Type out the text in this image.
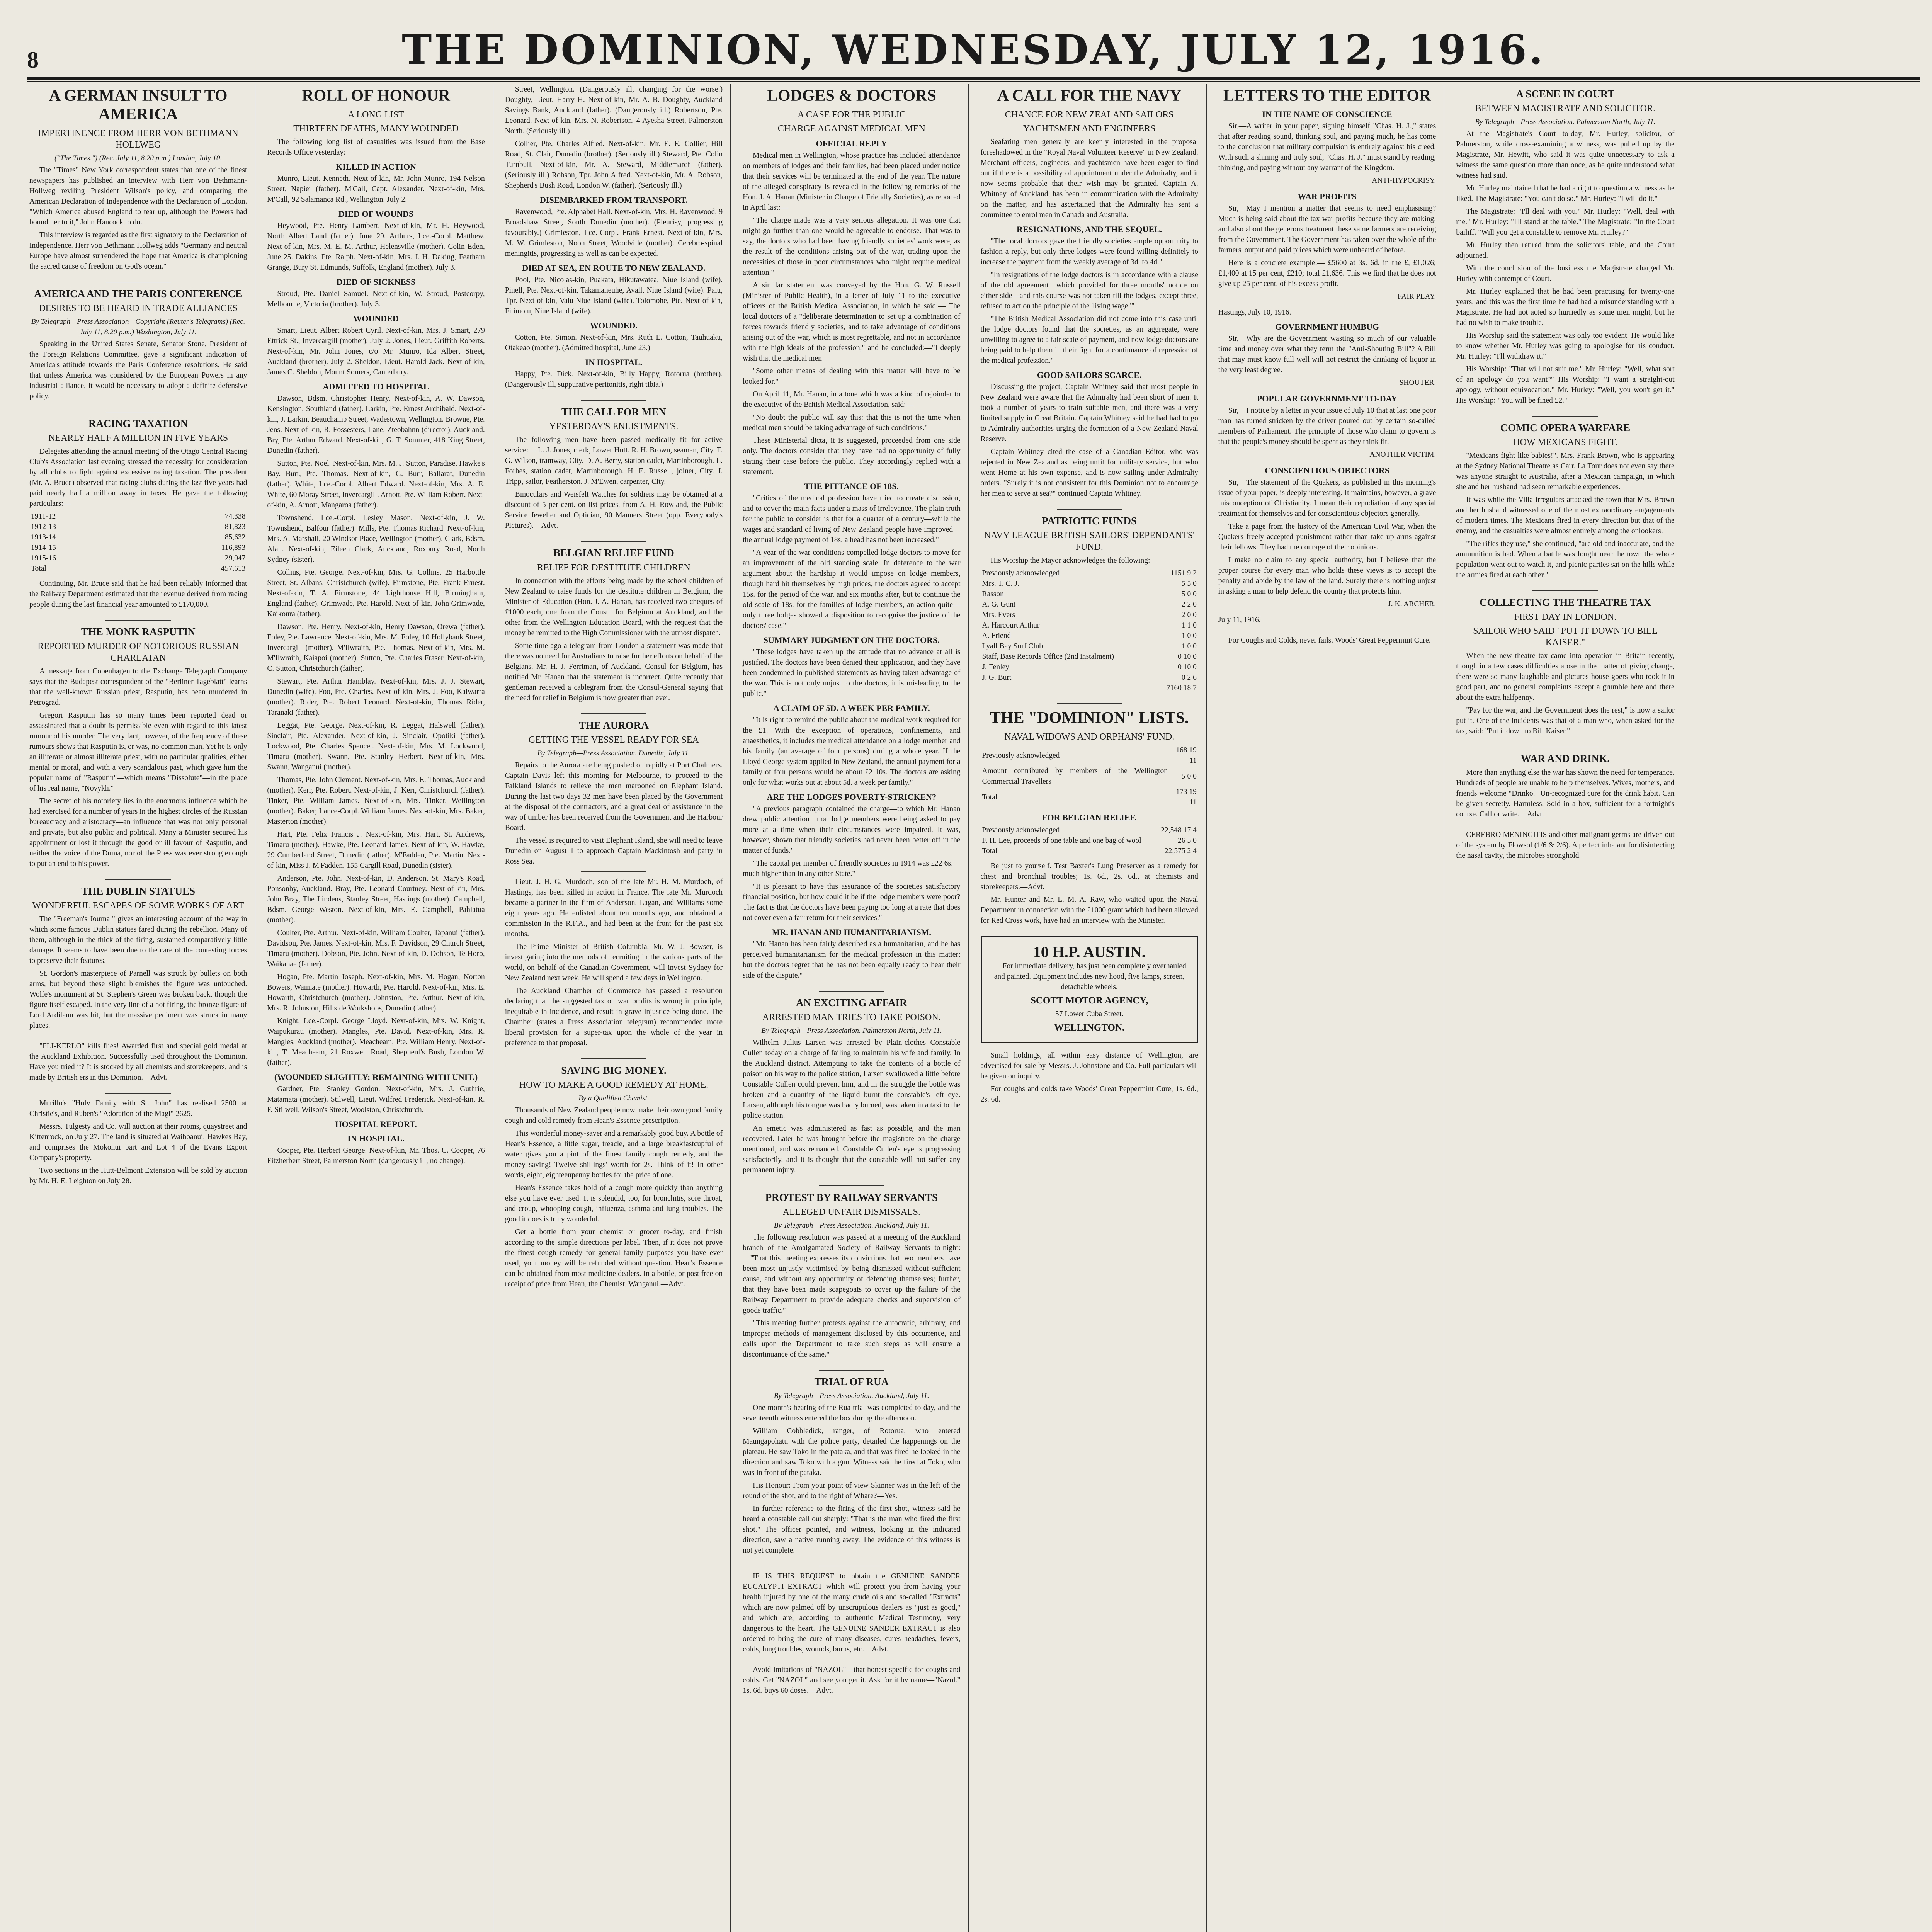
8	THE DOMINION, WEDNESDAY, JULY 12, 1916.
A GERMAN INSULT TO AMERICA
IMPERTINENCE FROM HERR VON BETHMANN HOLLWEG
("The Times.") (Rec. July 11, 8.20 p.m.) London, July 10.

The "Times" New York correspondent states that one of the finest newspapers has published an interview with Herr von Bethmann-Hollweg reviling President Wilson's policy, and comparing the American Declaration of Independence with the Declaration of London. "Which America abused England to tear up, although the Powers had bound her to it," John Hancock to do.

This interview is regarded as the first signatory to the Declaration of Independence. Herr von Bethmann Hollweg adds "Germany and neutral Europe have almost surrendered the hope that America is championing the sacred cause of freedom on God's ocean."

AMERICA AND THE PARIS CONFERENCE
DESIRES TO BE HEARD IN TRADE ALLIANCES
By Telegraph—Press Association—Copyright (Reuter's Telegrams) (Rec. July 11, 8.20 p.m.) Washington, July 11.

Speaking in the United States Senate, Senator Stone, President of the Foreign Relations Committee, gave a significant indication of America's attitude towards the Paris Conference resolutions. He said that unless America was considered by the European Powers in any industrial alliance, it would be necessary to adopt a definite defensive policy.

RACING TAXATION
NEARLY HALF A MILLION IN FIVE YEARS

Delegates attending the annual meeting of the Otago Central Racing Club's Association last evening stressed the necessity for consideration by all clubs to fight against excessive racing taxation. The president (Mr. A. Bruce) observed that racing clubs during the last five years had paid nearly half a million away in taxes. He gave the following particulars:—

1911-12	74,338
1912-13	81,823
1913-14	85,632
1914-15	116,893
1915-16	129,047
Total	457,613

Continuing, Mr. Bruce said that he had been reliably informed that the Railway Department estimated that the revenue derived from racing people during the last financial year amounted to £170,000.

THE MONK RASPUTIN
REPORTED MURDER OF NOTORIOUS RUSSIAN CHARLATAN

A message from Copenhagen to the Exchange Telegraph Company says that the Budapest correspondent of the "Berliner Tageblatt" learns that the well-known Russian priest, Rasputin, has been murdered in Petrograd.

Gregori Rasputin has so many times been reported dead or assassinated that a doubt is permissible even with regard to this latest rumour of his murder. The very fact, however, of the frequency of these rumours shows that Rasputin is, or was, no common man. Yet he is only an illiterate or almost illiterate priest, with no particular qualities, either mental or moral, and with a very scandalous past, which gave him the popular name of "Rasputin"—which means "Dissolute"—in the place of his real name, "Novykh."

The secret of his notoriety lies in the enormous influence which he had exercised for a number of years in the highest circles of the Russian bureaucracy and aristocracy—an influence that was not only personal and private, but also public and political. Many a Minister secured his appointment or lost it through the good or ill favour of Rasputin, and neither the voice of the Duma, nor of the Press was ever strong enough to put an end to his power.

THE DUBLIN STATUES
WONDERFUL ESCAPES OF SOME WORKS OF ART

The "Freeman's Journal" gives an interesting account of the way in which some famous Dublin statues fared during the rebellion. Many of them, although in the thick of the firing, sustained comparatively little damage. It seems to have been due to the care of the contesting forces to preserve their features.

St. Gordon's masterpiece of Parnell was struck by bullets on both arms, but beyond these slight blemishes the figure was untouched. Wolfe's monument at St. Stephen's Green was broken back, though the figure itself escaped. In the very line of a hot firing, the bronze figure of Lord Ardilaun was hit, but the massive pediment was struck in many places.

"FLI-KERLO" kills flies! Awarded first and special gold medal at the Auckland Exhibition. Successfully used throughout the Dominion. Have you tried it? It is stocked by all chemists and storekeepers, and is made by British ers in this Dominion.—Advt.

Murillo's "Holy Family with St. John" has realised 2500 at Christie's, and Ruben's "Adoration of the Magi" 2625.

Messrs. Tulgesty and Co. will auction at their rooms, quaystreet and Kittenrock, on July 27. The land is situated at Waihoanui, Hawkes Bay, and comprises the Mokonui part and Lot 4 of the Evans Export Company's property.

Two sections in the Hutt-Belmont Extension will be sold by auction by Mr. H. E. Leighton on July 28.

ROLL OF HONOUR
A LONG LIST
THIRTEEN DEATHS, MANY WOUNDED

The following long list of casualties was issued from the Base Records Office yesterday:—

KILLED IN ACTION

Munro, Lieut. Kenneth. Next-of-kin, Mr. John Munro, 194 Nelson Street, Napier (father). M'Call, Capt. Alexander. Next-of-kin, Mrs. M'Call, 92 Salamanca Rd., Wellington. July 2.

DIED OF WOUNDS

Heywood, Pte. Henry Lambert. Next-of-kin, Mr. H. Heywood, North Albert Land (father). June 29. Arthurs, Lce.-Corpl. Matthew. Next-of-kin, Mrs. M. E. M. Arthur, Helensville (mother). Colin Eden, June 25. Dakins, Pte. Ralph. Next-of-kin, Mrs. J. H. Daking, Featham Grange, Bury St. Edmunds, Suffolk, England (mother). July 3.

DIED OF SICKNESS

Stroud, Pte. Daniel Samuel. Next-of-kin, W. Stroud, Postcorpy, Melbourne, Victoria (brother). July 3.

WOUNDED

Smart, Lieut. Albert Robert Cyril. Next-of-kin, Mrs. J. Smart, 279 Ettrick St., Invercargill (mother). July 2. Jones, Lieut. Griffith Roberts. Next-of-kin, Mr. John Jones, c/o Mr. Munro, Ida Albert Street, Auckland (brother). July 2. Sheldon, Lieut. Harold Jack. Next-of-kin, James C. Sheldon, Mount Somers, Canterbury.

ADMITTED TO HOSPITAL

Dawson, Bdsm. Christopher Henry. Next-of-kin, A. W. Dawson, Kensington, Southland (father). Larkin, Pte. Ernest Archibald. Next-of-kin, J. Larkin, Beauchamp Street, Wadestown, Wellington. Browne, Pte. Jens. Next-of-kin, R. Fossesters, Lane, Zteobahnn (director), Auckland. Bry, Pte. Arthur Edward. Next-of-kin, G. T. Sommer, 418 King Street, Dunedin (father).

Sutton, Pte. Noel. Next-of-kin, Mrs. M. J. Sutton, Paradise, Hawke's Bay. Burr, Pte. Thomas. Next-of-kin, G. Burr, Ballarat, Dunedin (father). White, Lce.-Corpl. Albert Edward. Next-of-kin, Mrs. A. E. White, 60 Moray Street, Invercargill. Arnott, Pte. William Robert. Next-of-kin, A. Arnott, Mangaroa (father).

Townshend, Lce.-Corpl. Lesley Mason. Next-of-kin, J. W. Townshend, Balfour (father). Mills, Pte. Thomas Richard. Next-of-kin, Mrs. A. Marshall, 20 Windsor Place, Wellington (mother). Clark, Bdsm. Alan. Next-of-kin, Eileen Clark, Auckland, Roxbury Road, North Sydney (sister).

Collins, Pte. George. Next-of-kin, Mrs. G. Collins, 25 Harbottle Street, St. Albans, Christchurch (wife). Firmstone, Pte. Frank Ernest. Next-of-kin, T. A. Firmstone, 44 Lighthouse Hill, Birmingham, England (father). Grimwade, Pte. Harold. Next-of-kin, John Grimwade, Kaikoura (father).

Dawson, Pte. Henry. Next-of-kin, Henry Dawson, Orewa (father). Foley, Pte. Lawrence. Next-of-kin, Mrs. M. Foley, 10 Hollybank Street, Invercargill (mother). M'Ilwraith, Pte. Thomas. Next-of-kin, Mrs. M. M'Ilwraith, Kaiapoi (mother). Sutton, Pte. Charles Fraser. Next-of-kin, C. Sutton, Christchurch (father).

Stewart, Pte. Arthur Hamblay. Next-of-kin, Mrs. J. J. Stewart, Dunedin (wife). Foo, Pte. Charles. Next-of-kin, Mrs. J. Foo, Kaiwarra (mother). Rider, Pte. Robert Leonard. Next-of-kin, Thomas Rider, Taranaki (father).

Leggat, Pte. George. Next-of-kin, R. Leggat, Halswell (father). Sinclair, Pte. Alexander. Next-of-kin, J. Sinclair, Opotiki (father). Lockwood, Pte. Charles Spencer. Next-of-kin, Mrs. M. Lockwood, Timaru (mother). Swann, Pte. Stanley Herbert. Next-of-kin, Mrs. Swann, Wanganui (mother).

Thomas, Pte. John Clement. Next-of-kin, Mrs. E. Thomas, Auckland (mother). Kerr, Pte. Robert. Next-of-kin, J. Kerr, Christchurch (father). Tinker, Pte. William James. Next-of-kin, Mrs. Tinker, Wellington (mother). Baker, Lance-Corpl. William James. Next-of-kin, Mrs. Baker, Masterton (mother).

Hart, Pte. Felix Francis J. Next-of-kin, Mrs. Hart, St. Andrews, Timaru (mother). Hawke, Pte. Leonard James. Next-of-kin, W. Hawke, 29 Cumberland Street, Dunedin (father). M'Fadden, Pte. Martin. Next-of-kin, Miss J. M'Fadden, 155 Cargill Road, Dunedin (sister).

Anderson, Pte. John. Next-of-kin, D. Anderson, St. Mary's Road, Ponsonby, Auckland. Bray, Pte. Leonard Courtney. Next-of-kin, Mrs. John Bray, The Lindens, Stanley Street, Hastings (mother). Campbell, Bdsm. George Weston. Next-of-kin, Mrs. E. Campbell, Pahiatua (mother).

Coulter, Pte. Arthur. Next-of-kin, William Coulter, Tapanui (father). Davidson, Pte. James. Next-of-kin, Mrs. F. Davidson, 29 Church Street, Timaru (mother). Dobson, Pte. John. Next-of-kin, D. Dobson, Te Horo, Waikanae (father).

Hogan, Pte. Martin Joseph. Next-of-kin, Mrs. M. Hogan, Norton Bowers, Waimate (mother). Howarth, Pte. Harold. Next-of-kin, Mrs. E. Howarth, Christchurch (mother). Johnston, Pte. Arthur. Next-of-kin, Mrs. R. Johnston, Hillside Workshops, Dunedin (father).

Knight, Lce.-Corpl. George Lloyd. Next-of-kin, Mrs. W. Knight, Waipukurau (mother). Mangles, Pte. David. Next-of-kin, Mrs. R. Mangles, Auckland (mother). Meacheam, Pte. William Henry. Next-of-kin, T. Meacheam, 21 Roxwell Road, Shepherd's Bush, London W. (father).

(WOUNDED SLIGHTLY: REMAINING WITH UNIT.)

Gardner, Pte. Stanley Gordon. Next-of-kin, Mrs. J. Guthrie, Matamata (mother). Stilwell, Lieut. Wilfred Frederick. Next-of-kin, R. F. Stilwell, Wilson's Street, Woolston, Christchurch.

HOSPITAL REPORT.
IN HOSPITAL.

Cooper, Pte. Herbert George. Next-of-kin, Mr. Thos. C. Cooper, 76 Fitzherbert Street, Palmerston North (dangerously ill, no change).

Street, Wellington. (Dangerously ill, changing for the worse.) Doughty, Lieut. Harry H. Next-of-kin, Mr. A. B. Doughty, Auckland Savings Bank, Auckland (father). (Dangerously ill.) Robertson, Pte. Leonard. Next-of-kin, Mrs. N. Robertson, 4 Ayesha Street, Palmerston North. (Seriously ill.)

Collier, Pte. Charles Alfred. Next-of-kin, Mr. E. E. Collier, Hill Road, St. Clair, Dunedin (brother). (Seriously ill.) Steward, Pte. Colin Turnbull. Next-of-kin, Mr. A. Steward, Middlemarch (father). (Seriously ill.) Robson, Tpr. John Alfred. Next-of-kin, Mr. A. Robson, Shepherd's Bush Road, London W. (father). (Seriously ill.)

DISEMBARKED FROM TRANSPORT.

Ravenwood, Pte. Alphabet Hall. Next-of-kin, Mrs. H. Ravenwood, 9 Broadshaw Street, South Dunedin (mother). (Pleurisy, progressing favourably.) Grimleston, Lce.-Corpl. Frank Ernest. Next-of-kin, Mrs. M. W. Grimleston, Noon Street, Woodville (mother). Cerebro-spinal meningitis, progressing as well as can be expected.

DIED AT SEA, EN ROUTE TO NEW ZEALAND.

Pool, Pte. Nicolas-kin, Puakata, Hikutawatea, Niue Island (wife). Pinell, Pte. Next-of-kin, Takamaheuhe, Avall, Niue Island (wife). Palu, Tpr. Next-of-kin, Valu Niue Island (wife). Tolomohe, Pte. Next-of-kin, Fitimotu, Niue Island (wife).

WOUNDED.

Cotton, Pte. Simon. Next-of-kin, Mrs. Ruth E. Cotton, Tauhuaku, Otakeao (mother). (Admitted hospital, June 23.)

IN HOSPITAL.

Happy, Pte. Dick. Next-of-kin, Billy Happy, Rotorua (brother). (Dangerously ill, suppurative peritonitis, right tibia.)

THE CALL FOR MEN
YESTERDAY'S ENLISTMENTS.

The following men have been passed medically fit for active service:— L. J. Jones, clerk, Lower Hutt. R. H. Brown, seaman, City. T. G. Wilson, tramway, City. D. A. Berry, station cadet, Martinborough. L. Forbes, station cadet, Martinborough. H. E. Russell, joiner, City. J. Tripp, sailor, Featherston. J. M'Ewen, carpenter, City.

Binoculars and Weisfelt Watches for soldiers may be obtained at a discount of 5 per cent. on list prices, from A. H. Rowland, the Public Service Jeweller and Optician, 90 Manners Street (opp. Everybody's Pictures).—Advt.

BELGIAN RELIEF FUND
RELIEF FOR DESTITUTE CHILDREN

In connection with the efforts being made by the school children of New Zealand to raise funds for the destitute children in Belgium, the Minister of Education (Hon. J. A. Hanan, has received two cheques of £1000 each, one from the Consul for Belgium at Auckland, and the other from the Wellington Education Board, with the request that the money be remitted to the High Commissioner with the utmost dispatch.

Some time ago a telegram from London a statement was made that there was no need for Australians to raise further efforts on behalf of the Belgians. Mr. H. J. Ferriman, of Auckland, Consul for Belgium, has notified Mr. Hanan that the statement is incorrect. Quite recently that gentleman received a cablegram from the Consul-General saying that the need for relief in Belgium is now greater than ever.

THE AURORA
GETTING THE VESSEL READY FOR SEA
By Telegraph—Press Association. Dunedin, July 11.

Repairs to the Aurora are being pushed on rapidly at Port Chalmers. Captain Davis left this morning for Melbourne, to proceed to the Falkland Islands to relieve the men marooned on Elephant Island. During the last two days 32 men have been placed by the Government at the disposal of the contractors, and a great deal of assistance in the way of timber has been received from the Government and the Harbour Board.

The vessel is required to visit Elephant Island, she will need to leave Dunedin on August 1 to approach Captain Mackintosh and party in Ross Sea.

Lieut. J. H. G. Murdoch, son of the late Mr. H. M. Murdoch, of Hastings, has been killed in action in France. The late Mr. Murdoch became a partner in the firm of Anderson, Lagan, and Williams some eight years ago. He enlisted about ten months ago, and obtained a commission in the R.F.A., and had been at the front for the past six months.

The Prime Minister of British Columbia, Mr. W. J. Bowser, is investigating into the methods of recruiting in the various parts of the world, on behalf of the Canadian Government, will invest Sydney for New Zealand next week. He will spend a few days in Wellington.

The Auckland Chamber of Commerce has passed a resolution declaring that the suggested tax on war profits is wrong in principle, inequitable in incidence, and result in grave injustice being done. The Chamber (states a Press Association telegram) recommended more liberal provision for a super-tax upon the whole of the year in preference to that proposal.

SAVING BIG MONEY.
HOW TO MAKE A GOOD REMEDY AT HOME.
By a Qualified Chemist.

Thousands of New Zealand people now make their own good family cough and cold remedy from Hean's Essence prescription.

This wonderful money-saver and a remarkably good buy. A bottle of Hean's Essence, a little sugar, treacle, and a large breakfastcupful of water gives you a pint of the finest family cough remedy, and the money saving! Twelve shillings' worth for 2s. Think of it! In other words, eight, eighteenpenny bottles for the price of one.

Hean's Essence takes hold of a cough more quickly than anything else you have ever used. It is splendid, too, for bronchitis, sore throat, and croup, whooping cough, influenza, asthma and lung troubles. The good it does is truly wonderful.

Get a bottle from your chemist or grocer to-day, and finish according to the simple directions per label. Then, if it does not prove the finest cough remedy for general family purposes you have ever used, your money will be refunded without question. Hean's Essence can be obtained from most medicine dealers. In a bottle, or post free on receipt of price from Hean, the Chemist, Wanganui.—Advt.

LODGES & DOCTORS
A CASE FOR THE PUBLIC
CHARGE AGAINST MEDICAL MEN
OFFICIAL REPLY

Medical men in Wellington, whose practice has included attendance on members of lodges and their families, had been placed under notice that their services will be terminated at the end of the year. The nature of the alleged conspiracy is revealed in the following remarks of the Hon. J. A. Hanan (Minister in Charge of Friendly Societies), as reported in April last:—

"The charge made was a very serious allegation. It was one that might go further than one would be agreeable to endorse. That was to say, the doctors who had been having friendly societies' work were, as the result of the conditions arising out of the war, trading upon the necessities of those in poor circumstances who might require medical attention."

A similar statement was conveyed by the Hon. G. W. Russell (Minister of Public Health), in a letter of July 11 to the executive officers of the British Medical Association, in which he said:— The local doctors of a "deliberate determination to set up a combination of forces towards friendly societies, and to take advantage of conditions arising out of the war, which is most regrettable, and not in accordance with the high ideals of the profession," and he concluded:—"I deeply wish that the medical men—

"Some other means of dealing with this matter will have to be looked for."

On April 11, Mr. Hanan, in a tone which was a kind of rejoinder to the executive of the British Medical Association, said:—

"No doubt the public will say this: that this is not the time when medical men should be taking advantage of such conditions."

These Ministerial dicta, it is suggested, proceeded from one side only. The doctors consider that they have had no opportunity of fully stating their case before the public. They accordingly replied with a statement.

THE PITTANCE OF 18S.

"Critics of the medical profession have tried to create discussion, and to cover the main facts under a mass of irrelevance. The plain truth for the public to consider is that for a quarter of a century—while the wages and standard of living of New Zealand people have improved—the annual lodge payment of 18s. a head has not been increased."

"A year of the war conditions compelled lodge doctors to move for an improvement of the old standing scale. In deference to the war argument about the hardship it would impose on lodge members, though hard hit themselves by high prices, the doctors agreed to accept 15s. for the period of the war, and six months after, but to continue the old scale of 18s. for the families of lodge members, an action quite—only three lodges showed a disposition to recognise the justice of the doctors' case."

SUMMARY JUDGMENT ON THE DOCTORS.

"These lodges have taken up the attitude that no advance at all is justified. The doctors have been denied their application, and they have been condemned in published statements as having taken advantage of the war. This is not only unjust to the doctors, it is misleading to the public."

A CLAIM OF 5D. A WEEK PER FAMILY.

"It is right to remind the public about the medical work required for the £1. With the exception of operations, confinements, and anaesthetics, it includes the medical attendance on a lodge member and his family (an average of four persons) during a whole year. If the Lloyd George system applied in New Zealand, the annual payment for a family of four persons would be about £2 10s. The doctors are asking only for what works out at about 5d. a week per family."

ARE THE LODGES POVERTY-STRICKEN?

"A previous paragraph contained the charge—to which Mr. Hanan drew public attention—that lodge members were being asked to pay more at a time when their circumstances were impaired. It was, however, shown that friendly societies had never been better off in the matter of funds."

"The capital per member of friendly societies in 1914 was £22 6s.—much higher than in any other State."

"It is pleasant to have this assurance of the societies satisfactory financial position, but how could it be if the lodge members were poor? The fact is that the doctors have been paying too long at a rate that does not cover even a fair return for their services."

MR. HANAN AND HUMANITARIANISM.

"Mr. Hanan has been fairly described as a humanitarian, and he has perceived humanitarianism for the medical profession in this matter; but the doctors regret that he has not been equally ready to hear their side of the dispute."

AN EXCITING AFFAIR
ARRESTED MAN TRIES TO TAKE POISON.
By Telegraph—Press Association. Palmerston North, July 11.

Wilhelm Julius Larsen was arrested by Plain-clothes Constable Cullen today on a charge of failing to maintain his wife and family. In the Auckland district. Attempting to take the contents of a bottle of poison on his way to the police station, Larsen swallowed a little before Constable Cullen could prevent him, and in the struggle the bottle was broken and a quantity of the liquid burnt the constable's left eye. Larsen, although his tongue was badly burned, was taken in a taxi to the police station.

An emetic was administered as fast as possible, and the man recovered. Later he was brought before the magistrate on the charge mentioned, and was remanded. Constable Cullen's eye is progressing satisfactorily, and it is thought that the constable will not suffer any permanent injury.

PROTEST BY RAILWAY SERVANTS
ALLEGED UNFAIR DISMISSALS.
By Telegraph—Press Association. Auckland, July 11.

The following resolution was passed at a meeting of the Auckland branch of the Amalgamated Society of Railway Servants to-night:—"That this meeting expresses its convictions that two members have been most unjustly victimised by being dismissed without sufficient cause, and without any opportunity of defending themselves; further, that they have been made scapegoats to cover up the failure of the Railway Department to provide adequate checks and supervision of goods traffic."

"This meeting further protests against the autocratic, arbitrary, and improper methods of management disclosed by this occurrence, and calls upon the Department to take such steps as will ensure a discontinuance of the same."

TRIAL OF RUA
By Telegraph—Press Association. Auckland, July 11.

One month's hearing of the Rua trial was completed to-day, and the seventeenth witness entered the box during the afternoon.

William Cobbledick, ranger, of Rotorua, who entered Maungapohatu with the police party, detailed the happenings on the plateau. He saw Toko in the pataka, and that was fired he looked in the direction and saw Toko with a gun. Witness said he fired at Toko, who was in front of the pataka.

His Honour: From your point of view Skinner was in the left of the round of the shot, and to the right of Whare?—Yes.

In further reference to the firing of the first shot, witness said he heard a constable call out sharply: "That is the man who fired the first shot." The officer pointed, and witness, looking in the indicated direction, saw a native running away. The evidence of this witness is not yet complete.

IF IS THIS REQUEST to obtain the GENUINE SANDER EUCALYPTI EXTRACT which will protect you from having your health injured by one of the many crude oils and so-called "Extracts" which are now palmed off by unscrupulous dealers as "just as good," and which are, according to authentic Medical Testimony, very dangerous to the heart. The GENUINE SANDER EXTRACT is also ordered to bring the cure of many diseases, cures headaches, fevers, colds, lung troubles, wounds, burns, etc.—Advt.

Avoid imitations of "NAZOL"—that honest specific for coughs and colds. Get "NAZOL" and see you get it. Ask for it by name—"Nazol." 1s. 6d. buys 60 doses.—Advt.

A CALL FOR THE NAVY
CHANCE FOR NEW ZEALAND SAILORS
YACHTSMEN AND ENGINEERS

Seafaring men generally are keenly interested in the proposal foreshadowed in the "Royal Naval Volunteer Reserve" in New Zealand. Merchant officers, engineers, and yachtsmen have been eager to find out if there is a possibility of appointment under the Admiralty, and it now seems probable that their wish may be granted. Captain A. Whitney, of Auckland, has been in communication with the Admiralty on the matter, and has ascertained that the Admiralty has sent a committee to enrol men in Canada and Australia.

RESIGNATIONS, AND THE SEQUEL.

"The local doctors gave the friendly societies ample opportunity to fashion a reply, but only three lodges were found willing definitely to increase the payment from the weekly average of 3d. to 4d."

"In resignations of the lodge doctors is in accordance with a clause of the old agreement—which provided for three months' notice on either side—and this course was not taken till the lodges, except three, refused to act on the principle of the 'living wage.'"

"The British Medical Association did not come into this case until the lodge doctors found that the societies, as an aggregate, were unwilling to agree to a fair scale of payment, and now lodge doctors are being paid to help them in their fight for a continuance of repression of the medical profession."

GOOD SAILORS SCARCE.

Discussing the project, Captain Whitney said that most people in New Zealand were aware that the Admiralty had been short of men. It took a number of years to train suitable men, and there was a very limited supply in Great Britain. Captain Whitney said he had had to go to Admiralty authorities urging the formation of a New Zealand Naval Reserve.

Captain Whitney cited the case of a Canadian Editor, who was rejected in New Zealand as being unfit for military service, but who went Home at his own expense, and is now sailing under Admiralty orders. "Surely it is not consistent for this Dominion not to encourage her men to serve at sea?" continued Captain Whitney.

PATRIOTIC FUNDS
NAVY LEAGUE BRITISH SAILORS' DEPENDANTS' FUND.

His Worship the Mayor acknowledges the following:—

Previously acknowledged	1151 9 2
Mrs. T. C. J.	5 5 0
Rasson	5 0 0
A. G. Gunt	2 2 0
Mrs. Evers	2 0 0
A. Harcourt Arthur	1 1 0
A. Friend	1 0 0
Lyall Bay Surf Club	1 0 0
Staff, Base Records Office (2nd instalment)	0 10 0
J. Fenley	0 10 0
J. G. Burt	0 2 6
	7160 18 7
THE "DOMINION" LISTS.
NAVAL WIDOWS AND ORPHANS' FUND.
Previously acknowledged	168 19 11
Amount contributed by members of the Wellington Commercial Travellers	5 0 0
Total	173 19 11
FOR BELGIAN RELIEF.
Previously acknowledged	22,548 17 4
F. H. Lee, proceeds of one table and one bag of wool	26 5 0
Total	22,575 2 4

Be just to yourself. Test Baxter's Lung Preserver as a remedy for chest and bronchial troubles; 1s. 6d., 2s. 6d., at chemists and storekeepers.—Advt.

Mr. Hunter and Mr. L. M. A. Raw, who waited upon the Naval Department in connection with the £1000 grant which had been allowed for Red Cross work, have had an interview with the Minister.

10 H.P. AUSTIN.

For immediate delivery, has just been completely overhauled and painted. Equipment includes new hood, five lamps, screen, detachable wheels.

SCOTT MOTOR AGENCY,
57 Lower Cuba Street.
WELLINGTON.

Small holdings, all within easy distance of Wellington, are advertised for sale by Messrs. J. Johnstone and Co. Full particulars will be given on inquiry.

For coughs and colds take Woods' Great Peppermint Cure, 1s. 6d., 2s. 6d.

LETTERS TO THE EDITOR
IN THE NAME OF CONSCIENCE

Sir,—A writer in your paper, signing himself "Chas. H. J.," states that after reading sound, thinking soul, and paying much, he has come to the conclusion that military compulsion is entirely against his creed. With such a shining and truly soul, "Chas. H. J." must stand by reading, thinking, and paying without any warrant of the Kingdom.

ANTI-HYPOCRISY.
WAR PROFITS

Sir,—May I mention a matter that seems to need emphasising? Much is being said about the tax war profits because they are making, and also about the generous treatment these same farmers are receiving from the Government. The Government has taken over the whole of the farmers' output and paid prices which were unheard of before.

Here is a concrete example:— £5600 at 3s. 6d. in the £, £1,026; £1,400 at 15 per cent, £210; total £1,636. This we find that he does not give up 25 per cent. of his excess profit.

FAIR PLAY.
Hastings, July 10, 1916.
GOVERNMENT HUMBUG

Sir,—Why are the Government wasting so much of our valuable time and money over what they term the "Anti-Shouting Bill"? A Bill that may must know full well will not restrict the drinking of liquor in the very least degree.

SHOUTER.
POPULAR GOVERNMENT TO-DAY

Sir,—I notice by a letter in your issue of July 10 that at last one poor man has turned stricken by the driver poured out by certain so-called members of Parliament. The principle of those who claim to govern is that the people's money should be spent as they think fit.

ANOTHER VICTIM.
CONSCIENTIOUS OBJECTORS

Sir,—The statement of the Quakers, as published in this morning's issue of your paper, is deeply interesting. It maintains, however, a grave misconception of Christianity. I mean their repudiation of any special treatment for themselves and for conscientious objectors generally.

Take a page from the history of the American Civil War, when the Quakers freely accepted punishment rather than take up arms against their fellows. They had the courage of their opinions.

I make no claim to any special authority, but I believe that the proper course for every man who holds these views is to accept the penalty and abide by the law of the land. Surely there is nothing unjust in asking a man to help defend the country that protects him.

J. K. ARCHER.
July 11, 1916.

For Coughs and Colds, never fails. Woods' Great Peppermint Cure.

A SCENE IN COURT
BETWEEN MAGISTRATE AND SOLICITOR.
By Telegraph—Press Association. Palmerston North, July 11.

At the Magistrate's Court to-day, Mr. Hurley, solicitor, of Palmerston, while cross-examining a witness, was pulled up by the Magistrate, Mr. Hewitt, who said it was quite unnecessary to ask a witness the same question more than once, as he quite understood what witness had said.

Mr. Hurley maintained that he had a right to question a witness as he liked. The Magistrate: "You can't do so." Mr. Hurley: "I will do it."

The Magistrate: "I'll deal with you." Mr. Hurley: "Well, deal with me." Mr. Hurley: "I'll stand at the table." The Magistrate: "In the Court bailiff. "Will you get a constable to remove Mr. Hurley?"

Mr. Hurley then retired from the solicitors' table, and the Court adjourned.

With the conclusion of the business the Magistrate charged Mr. Hurley with contempt of Court.

Mr. Hurley explained that he had been practising for twenty-one years, and this was the first time he had had a misunderstanding with a Magistrate. He had not acted so hurriedly as some men might, but he had no wish to make trouble.

His Worship said the statement was only too evident. He would like to know whether Mr. Hurley was going to apologise for his conduct. Mr. Hurley: "I'll withdraw it."

His Worship: "That will not suit me." Mr. Hurley: "Well, what sort of an apology do you want?" His Worship: "I want a straight-out apology, without equivocation." Mr. Hurley: "Well, you won't get it." His Worship: "You will be fined £2."

COMIC OPERA WARFARE
HOW MEXICANS FIGHT.

"Mexicans fight like babies!". Mrs. Frank Brown, who is appearing at the Sydney National Theatre as Carr. La Tour does not even say there was anyone straight to Australia, after a Mexican campaign, in which she and her husband had seen remarkable experiences.

It was while the Villa irregulars attacked the town that Mrs. Brown and her husband witnessed one of the most extraordinary engagements of modern times. The Mexicans fired in every direction but that of the enemy, and the casualties were almost entirely among the onlookers.

"The rifles they use," she continued, "are old and inaccurate, and the ammunition is bad. When a battle was fought near the town the whole population went out to watch it, and picnic parties sat on the hills while the armies fired at each other."

COLLECTING THE THEATRE TAX
FIRST DAY IN LONDON.
SAILOR WHO SAID "PUT IT DOWN TO BILL KAISER."

When the new theatre tax came into operation in Britain recently, though in a few cases difficulties arose in the matter of giving change, there were so many laughable and pictures-house goers who took it in good part, and no general complaints except a grumble here and there about the extra halfpenny.

"Pay for the war, and the Government does the rest," is how a sailor put it. One of the incidents was that of a man who, when asked for the tax, said: "Put it down to Bill Kaiser."

WAR AND DRINK.

More than anything else the war has shown the need for temperance. Hundreds of people are unable to help themselves. Wives, mothers, and friends welcome "Drinko." Un-recognized cure for the drink habit. Can be given secretly. Harmless. Sold in a box, sufficient for a fortnight's course. Call or write.—Advt.

CEREBRO MENINGITIS and other malignant germs are driven out of the system by Flowsol (1/6 & 2/6). A perfect inhalant for disinfecting the nasal cavity, the microbes stronghold.
